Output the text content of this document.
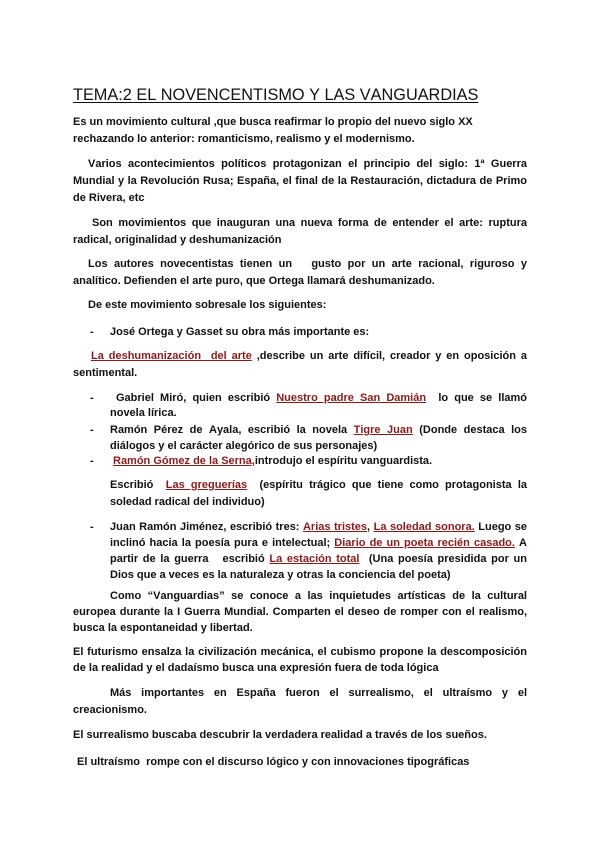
TEMA:2 EL NOVENCENTISMO Y LAS VANGUARDIAS

Es un movimiento cultural ,que busca reafirmar lo propio del nuevo siglo XX rechazando lo anterior: romanticismo, realismo y el modernismo.

Varios acontecimientos políticos protagonizan el principio del siglo: 1ª Guerra Mundial y la Revolución Rusa; España, el final de la Restauración, dictadura de Primo de Rivera, etc

Son movimientos que inauguran una nueva forma de entender el arte: ruptura radical, originalidad y deshumanización

Los autores novecentistas tienen un   gusto por un arte racional, riguroso y analítico. Defienden el arte puro, que Ortega llamará deshumanizado.

De este movimiento sobresale los siguientes:

- José Ortega y Gasset su obra más importante es:

La deshumanización  del arte ,describe un arte difícil, creador y en oposición a sentimental.

- Gabriel Miró, quien escribió Nuestro padre San Damián  lo que se llamó novela lírica.

- Ramón Pérez de Ayala, escribió la novela Tigre Juan (Donde destaca los diálogos y el carácter alegórico de sus personajes)

- Ramón Gómez de la Serna,introdujo el espíritu vanguardista.

Escribió  Las greguerías  (espíritu trágico que tiene como protagonista la soledad radical del individuo)

- Juan Ramón Jiménez, escribió tres: Arias tristes, La soledad sonora. Luego se inclinó hacia la poesía pura e intelectual; Diario de un poeta recién casado. A partir de la guerra   escribió La estación total  (Una poesía presidida por un Dios que a veces es la naturaleza y otras la conciencia del poeta)

Como “Vanguardias” se conoce a las inquietudes artísticas de la cultural europea durante la I Guerra Mundial. Comparten el deseo de romper con el realismo, busca la espontaneidad y libertad.

El futurismo ensalza la civilización mecánica, el cubismo propone la descomposición de la realidad y el dadaísmo busca una expresión fuera de toda lógica

Más importantes en España fueron el surrealismo, el ultraísmo y el creacionismo.

El surrealismo buscaba descubrir la verdadera realidad a través de los sueños.

El ultraísmo  rompe con el discurso lógico y con innovaciones tipográficas
